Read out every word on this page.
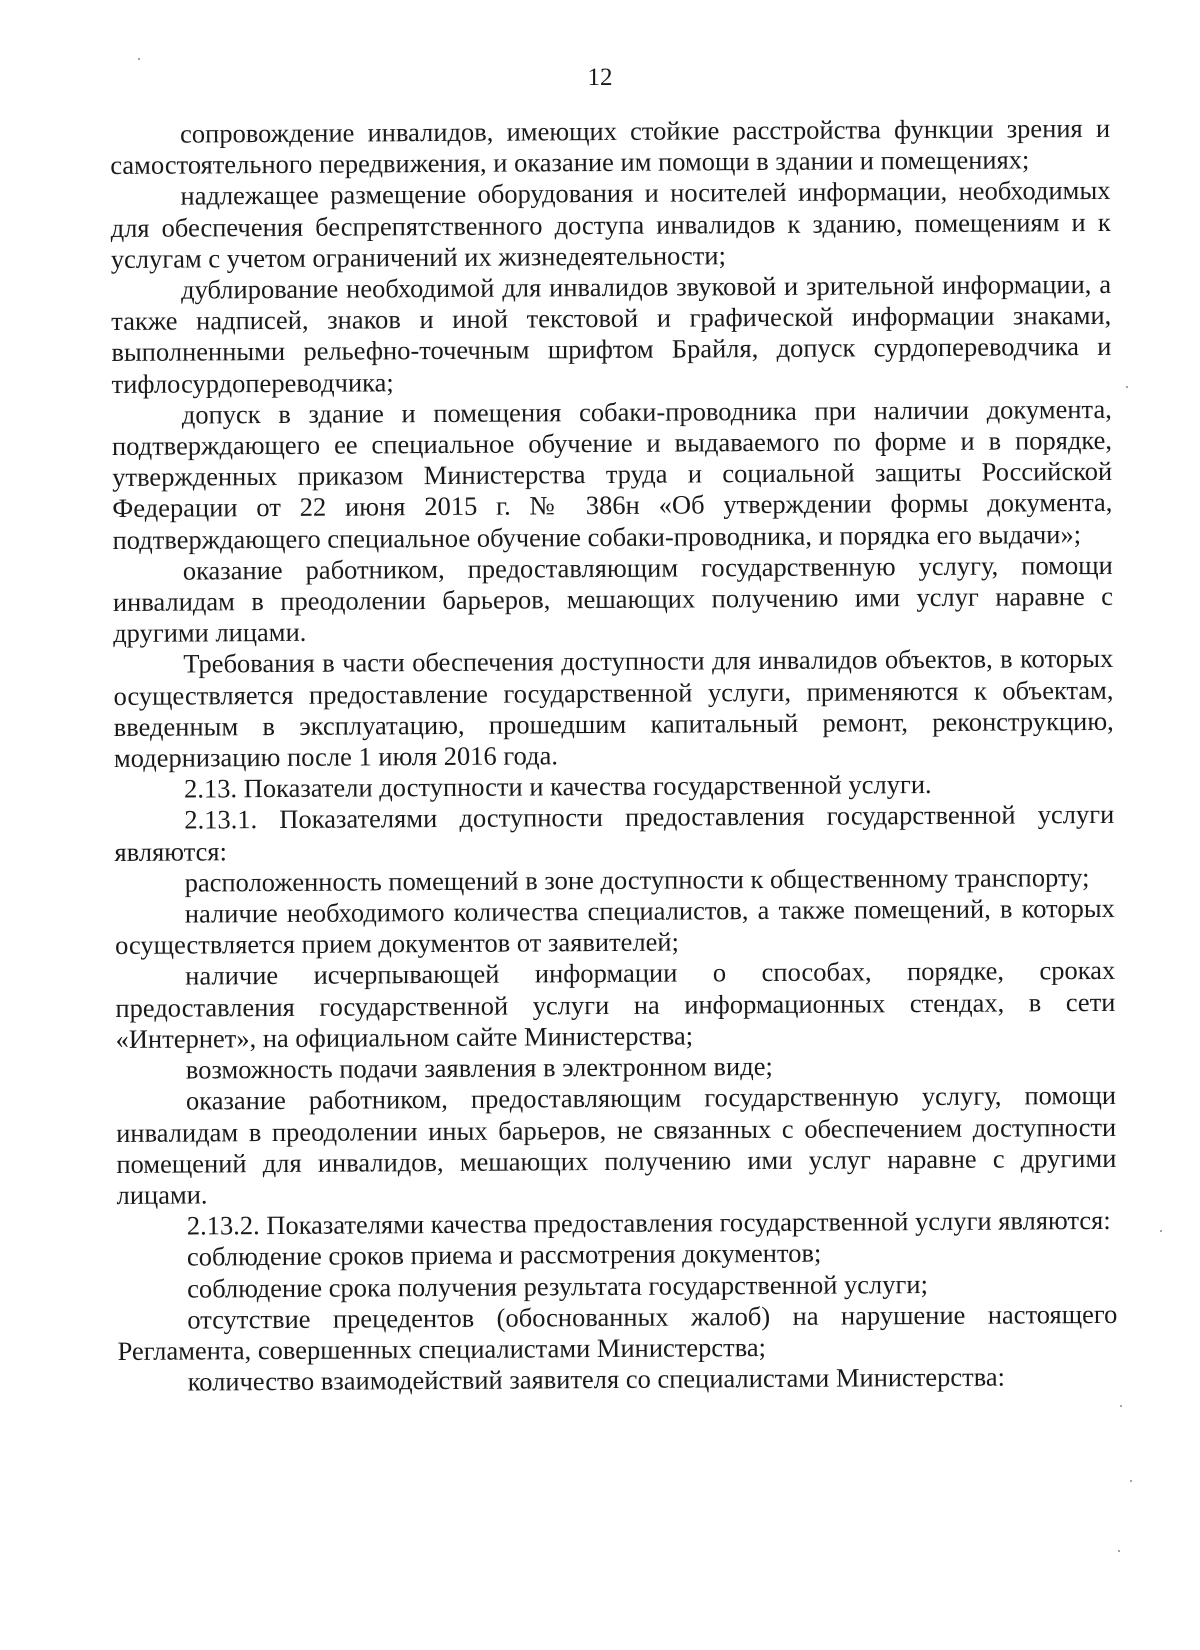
12

сопровождение инвалидов, имеющих стойкие расстройства функции зрения и самостоятельного передвижения, и оказание им помощи в здании и помещениях;

надлежащее размещение оборудования и носителей информации, необходимых для обеспечения беспрепятственного доступа инвалидов к зданию, помещениям и к услугам с учетом ограничений их жизнедеятельности;

дублирование необходимой для инвалидов звуковой и зрительной информации, а также надписей, знаков и иной текстовой и графической информации знаками, выполненными рельефно-точечным шрифтом Брайля, допуск сурдопереводчика и тифлосурдопереводчика;

допуск в здание и помещения собаки-проводника при наличии документа, подтверждающего ее специальное обучение и выдаваемого по форме и в порядке, утвержденных приказом Министерства труда и социальной защиты Российской Федерации от 22 июня 2015 г. № 386н «Об утверждении формы документа, подтверждающего специальное обучение собаки-проводника, и порядка его выдачи»;

оказание работником, предоставляющим государственную услугу, помощи инвалидам в преодолении барьеров, мешающих получению ими услуг наравне с другими лицами.

Требования в части обеспечения доступности для инвалидов объектов, в которых осуществляется предоставление государственной услуги, применяются к объектам, введенным в эксплуатацию, прошедшим капитальный ремонт, реконструкцию, модернизацию после 1 июля 2016 года.

2.13. Показатели доступности и качества государственной услуги.

2.13.1. Показателями доступности предоставления государственной услуги являются:

расположенность помещений в зоне доступности к общественному транспорту;

наличие необходимого количества специалистов, а также помещений, в которых осуществляется прием документов от заявителей;

наличие исчерпывающей информации о способах, порядке, сроках предоставления государственной услуги на информационных стендах, в сети «Интернет», на официальном сайте Министерства;

возможность подачи заявления в электронном виде;

оказание работником, предоставляющим государственную услугу, помощи инвалидам в преодолении иных барьеров, не связанных с обеспечением доступности помещений для инвалидов, мешающих получению ими услуг наравне с другими лицами.

2.13.2. Показателями качества предоставления государственной услуги являются:

соблюдение сроков приема и рассмотрения документов;

соблюдение срока получения результата государственной услуги;

отсутствие прецедентов (обоснованных жалоб) на нарушение настоящего Регламента, совершенных специалистами Министерства;

количество взаимодействий заявителя со специалистами Министерства:
